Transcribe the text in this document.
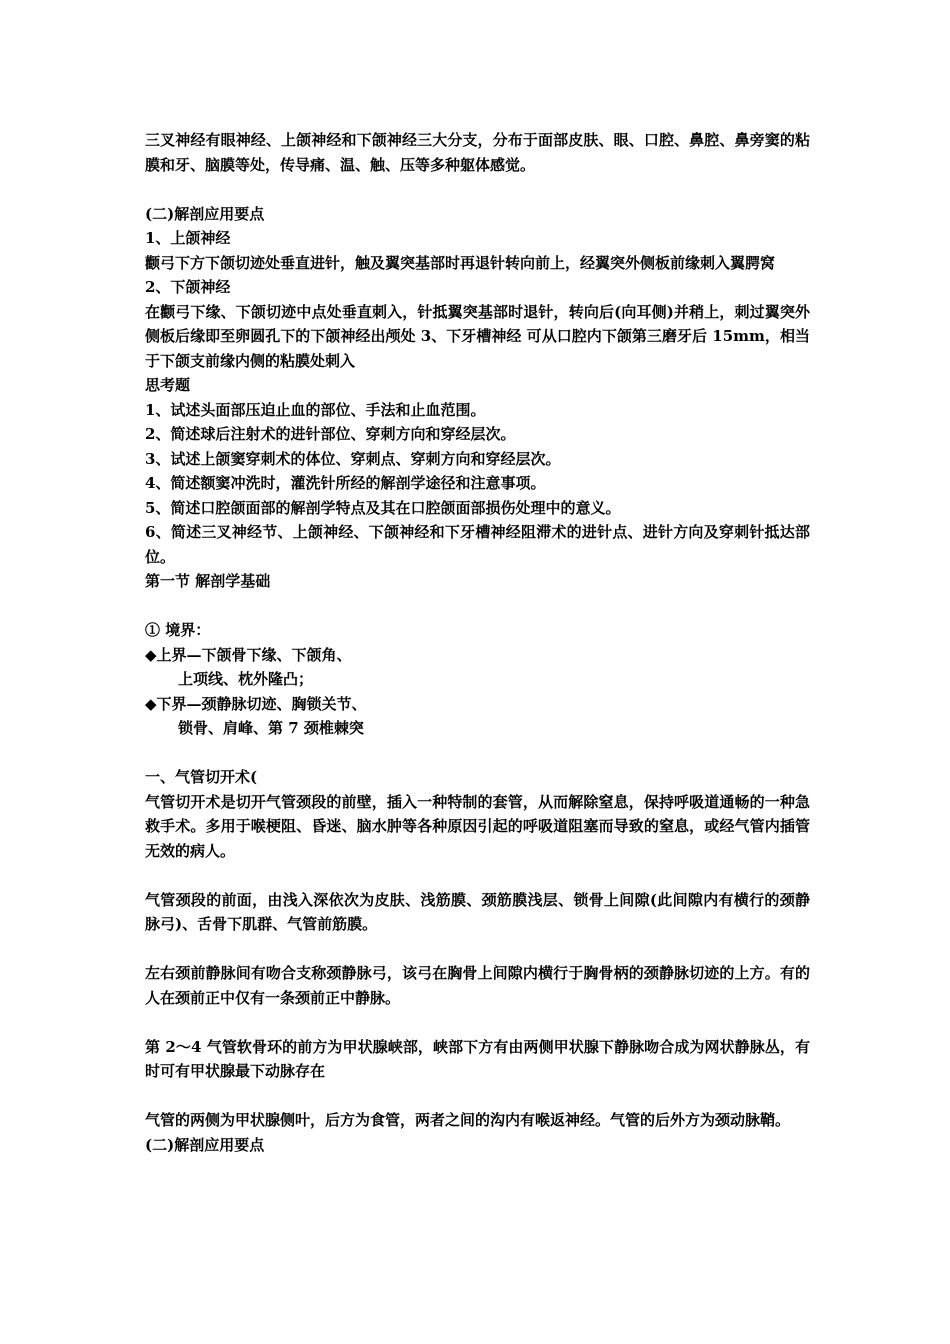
三叉神经有眼神经、上颌神经和下颌神经三大分支，分布于面部皮肤、眼、口腔、鼻腔、鼻旁窦的粘膜和牙、脑膜等处，传导痛、温、触、压等多种躯体感觉。

(二)解剖应用要点

1、上颌神经

颧弓下方下颌切迹处垂直进针，触及翼突基部时再退针转向前上，经翼突外侧板前缘刺入翼腭窝

2、下颌神经

在颧弓下缘、下颌切迹中点处垂直刺入，针抵翼突基部时退针，转向后(向耳侧)并稍上，刺过翼突外侧板后缘即至卵圆孔下的下颌神经出颅处 3、下牙槽神经 可从口腔内下颌第三磨牙后 15mm，相当于下颌支前缘内侧的粘膜处刺入

思考题

1、试述头面部压迫止血的部位、手法和止血范围。

2、简述球后注射术的进针部位、穿刺方向和穿经层次。

3、试述上颌窦穿刺术的体位、穿刺点、穿刺方向和穿经层次。

4、简述额窦冲洗时，灌洗针所经的解剖学途径和注意事项。

5、简述口腔颌面部的解剖学特点及其在口腔颌面部损伤处理中的意义。

6、简述三叉神经节、上颌神经、下颌神经和下牙槽神经阻滞术的进针点、进针方向及穿刺针抵达部位。

第一节 解剖学基础

① 境界：

◆上界—下颌骨下缘、下颌角、

上项线、枕外隆凸；

◆下界—颈静脉切迹、胸锁关节、

锁骨、肩峰、第 7 颈椎棘突

一、气管切开术(

气管切开术是切开气管颈段的前壁，插入一种特制的套管，从而解除窒息，保持呼吸道通畅的一种急救手术。多用于喉梗阻、昏迷、脑水肿等各种原因引起的呼吸道阻塞而导致的窒息，或经气管内插管无效的病人。

气管颈段的前面，由浅入深依次为皮肤、浅筋膜、颈筋膜浅层、锁骨上间隙(此间隙内有横行的颈静脉弓)、舌骨下肌群、气管前筋膜。

左右颈前静脉间有吻合支称颈静脉弓，该弓在胸骨上间隙内横行于胸骨柄的颈静脉切迹的上方。有的人在颈前正中仅有一条颈前正中静脉。

第 2～4 气管软骨环的前方为甲状腺峡部，峡部下方有由两侧甲状腺下静脉吻合成为网状静脉丛，有时可有甲状腺最下动脉存在

气管的两侧为甲状腺侧叶，后方为食管，两者之间的沟内有喉返神经。气管的后外方为颈动脉鞘。

(二)解剖应用要点
